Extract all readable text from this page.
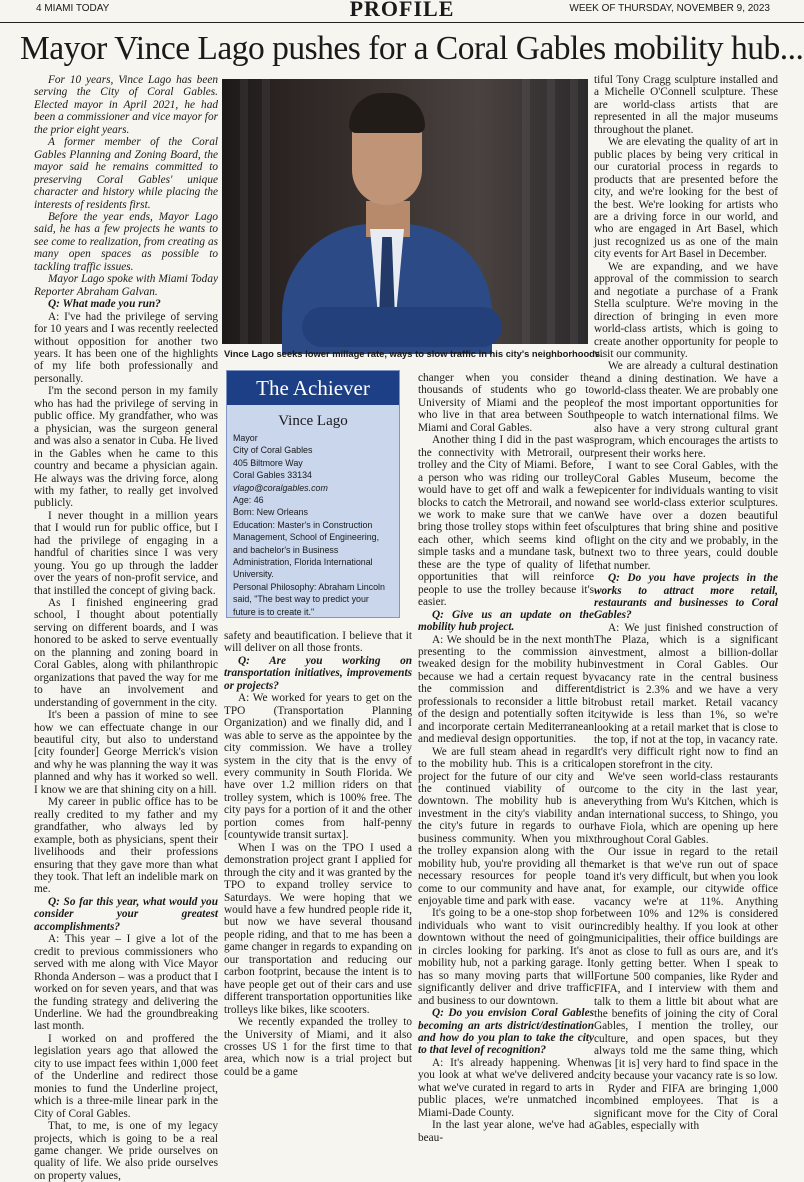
4 MIAMI TODAY	PROFILE	WEEK OF THURSDAY, NOVEMBER 9, 2023
Mayor Vince Lago pushes for a Coral Gables mobility hub...

For 10 years, Vince Lago has been serving the City of Coral Gables. Elected mayor in April 2021, he had been a commissioner and vice mayor for the prior eight years.

A former member of the Coral Gables Planning and Zoning Board, the mayor said he remains committed to preserving Coral Gables' unique character and history while placing the interests of residents first.

Before the year ends, Mayor Lago said, he has a few projects he wants to see come to realization, from creating as many open spaces as possible to tackling traffic issues.

Mayor Lago spoke with Miami Today Reporter Abraham Galvan.

Q: What made you run?

A: I've had the privilege of serving for 10 years and I was recently reelected without opposition for another two years. It has been one of the highlights of my life both professionally and personally.

I'm the second person in my family who has had the privilege of serving in public office. My grandfather, who was a physician, was the surgeon general and was also a senator in Cuba. He lived in the Gables when he came to this country and became a physician again. He always was the driving force, along with my father, to really get involved publicly.

I never thought in a million years that I would run for public office, but I had the privilege of engaging in a handful of charities since I was very young. You go up through the ladder over the years of non-profit service, and that instilled the concept of giving back.

As I finished engineering grad school, I thought about potentially serving on different boards, and I was honored to be asked to serve eventually on the planning and zoning board in Coral Gables, along with philanthropic organizations that paved the way for me to have an involvement and understanding of government in the city.

It's been a passion of mine to see how we can effectuate change in our beautiful city, but also to understand [city founder] George Merrick's vision and why he was planning the way it was planned and why has it worked so well. I know we are that shining city on a hill.

My career in public office has to be really credited to my father and my grandfather, who always led by example, both as physicians, spent their livelihoods and their professions ensuring that they gave more than what they took. That left an indelible mark on me.

Q: So far this year, what would you consider your greatest accomplishments?

A: This year – I give a lot of the credit to previous commissioners who served with me along with Vice Mayor Rhonda Anderson – was a product that I worked on for seven years, and that was the funding strategy and delivering the Underline. We had the groundbreaking last month.

I worked on and proffered the legislation years ago that allowed the city to use impact fees within 1,000 feet of the Underline and redirect those monies to fund the Underline project, which is a three-mile linear park in the City of Coral Gables.

That, to me, is one of my legacy projects, which is going to be a real game changer. We pride ourselves on quality of life. We also pride ourselves on property values,

Vince Lago seeks lower millage rate, ways to slow traffic in his city's neighborhoods.
The Achiever
Vince Lago
Mayor
City of Coral Gables
405 Biltmore Way
Coral Gables 33134
vlago@coralgables.com
Age: 46
Born: New Orleans
Education: Master's in Construction Management, School of Engineering, and bachelor's in Business Administration, Florida International University.
Personal Philosophy: Abraham Lincoln said, "The best way to predict your future is to create it."

safety and beautification. I believe that it will deliver on all those fronts.

Q: Are you working on transportation initiatives, improvements or projects?

A: We worked for years to get on the TPO (Transportation Planning Organization) and we finally did, and I was able to serve as the appointee by the city commission. We have a trolley system in the city that is the envy of every community in South Florida. We have over 1.2 million riders on that trolley system, which is 100% free. The city pays for a portion of it and the other portion comes from half-penny [countywide transit surtax].

When I was on the TPO I used a demonstration project grant I applied for through the city and it was granted by the TPO to expand trolley service to Saturdays. We were hoping that we would have a few hundred people ride it, but now we have several thousand people riding, and that to me has been a game changer in regards to expanding on our transportation and reducing our carbon footprint, because the intent is to have people get out of their cars and use different transportation opportunities like trolleys like bikes, like scooters.

We recently expanded the trolley to the University of Miami, and it also crosses US 1 for the first time to that area, which now is a trial project but could be a game

changer when you consider the thousands of students who go to University of Miami and the people who live in that area between South Miami and Coral Gables.

Another thing I did in the past was the connectivity with Metrorail, our trolley and the City of Miami. Before, a person who was riding our trolley would have to get off and walk a few blocks to catch the Metrorail, and now we work to make sure that we can bring those trolley stops within feet of each other, which seems kind of simple tasks and a mundane task, but these are the type of quality of life opportunities that will reinforce people to use the trolley because it's easier.

Q: Give us an update on the mobility hub project.

A: We should be in the next month presenting to the commission a tweaked design for the mobility hub because we had a certain request by the commission and different professionals to reconsider a little bit of the design and potentially soften it and incorporate certain Mediterranean and medieval design opportunities.

We are full steam ahead in regard to the mobility hub. This is a critical project for the future of our city and the continued viability of our downtown. The mobility hub is an investment in the city's viability and the city's future in regards to our business community. When you mix the trolley expansion along with the mobility hub, you're providing all the necessary resources for people to come to our community and have an enjoyable time and park with ease.

It's going to be a one-stop shop for individuals who want to visit our downtown without the need of going in circles looking for parking. It's a mobility hub, not a parking garage. It has so many moving parts that will significantly deliver and drive traffic and business to our downtown.

Q: Do you envision Coral Gables becoming an arts district/destination and how do you plan to take the city to that level of recognition?

A: It's already happening. When you look at what we've delivered and what we've curated in regard to arts in public places, we're unmatched in Miami-Dade County.

In the last year alone, we've had a beau-

tiful Tony Cragg sculpture installed and a Michelle O'Connell sculpture. These are world-class artists that are represented in all the major museums throughout the planet.

We are elevating the quality of art in public places by being very critical in our curatorial process in regards to products that are presented before the city, and we're looking for the best of the best. We're looking for artists who are a driving force in our world, and who are engaged in Art Basel, which just recognized us as one of the main city events for Art Basel in December.

We are expanding, and we have approval of the commission to search and negotiate a purchase of a Frank Stella sculpture. We're moving in the direction of bringing in even more world-class artists, which is going to create another opportunity for people to visit our community.

We are already a cultural destination and a dining destination. We have a world-class theater. We are probably one of the most important opportunities for people to watch international films. We also have a very strong cultural grant program, which encourages the artists to present their works here.

I want to see Coral Gables, with the Coral Gables Museum, become the epicenter for individuals wanting to visit and see world-class exterior sculptures. We have over a dozen beautiful sculptures that bring shine and positive light on the city and we probably, in the next two to three years, could double that number.

Q: Do you have projects in the works to attract more retail, restaurants and businesses to Coral Gables?

A: We just finished construction of The Plaza, which is a significant investment, almost a billion-dollar investment in Coral Gables. Our vacancy rate in the central business district is 2.3% and we have a very robust retail market. Retail vacancy citywide is less than 1%, so we're looking at a retail market that is close to the top, if not at the top, in vacancy rate. It's very difficult right now to find an open storefront in the city.

We've seen world-class restaurants come to the city in the last year, everything from Wu's Kitchen, which is an international success, to Shingo, you have Fiola, which are opening up here throughout Coral Gables.

Our issue in regard to the retail market is that we've run out of space and it's very difficult, but when you look at, for example, our citywide office vacancy we're at 11%. Anything between 10% and 12% is considered incredibly healthy. If you look at other municipalities, their office buildings are not as close to full as ours are, and it's only getting better. When I speak to Fortune 500 companies, like Ryder and FIFA, and I interview with them and talk to them a little bit about what are the benefits of joining the city of Coral Gables, I mention the trolley, our culture, and open spaces, but they always told me the same thing, which was [it is] very hard to find space in the city because your vacancy rate is so low.

Ryder and FIFA are bringing 1,000 combined employees. That is a significant move for the City of Coral Gables, especially with
